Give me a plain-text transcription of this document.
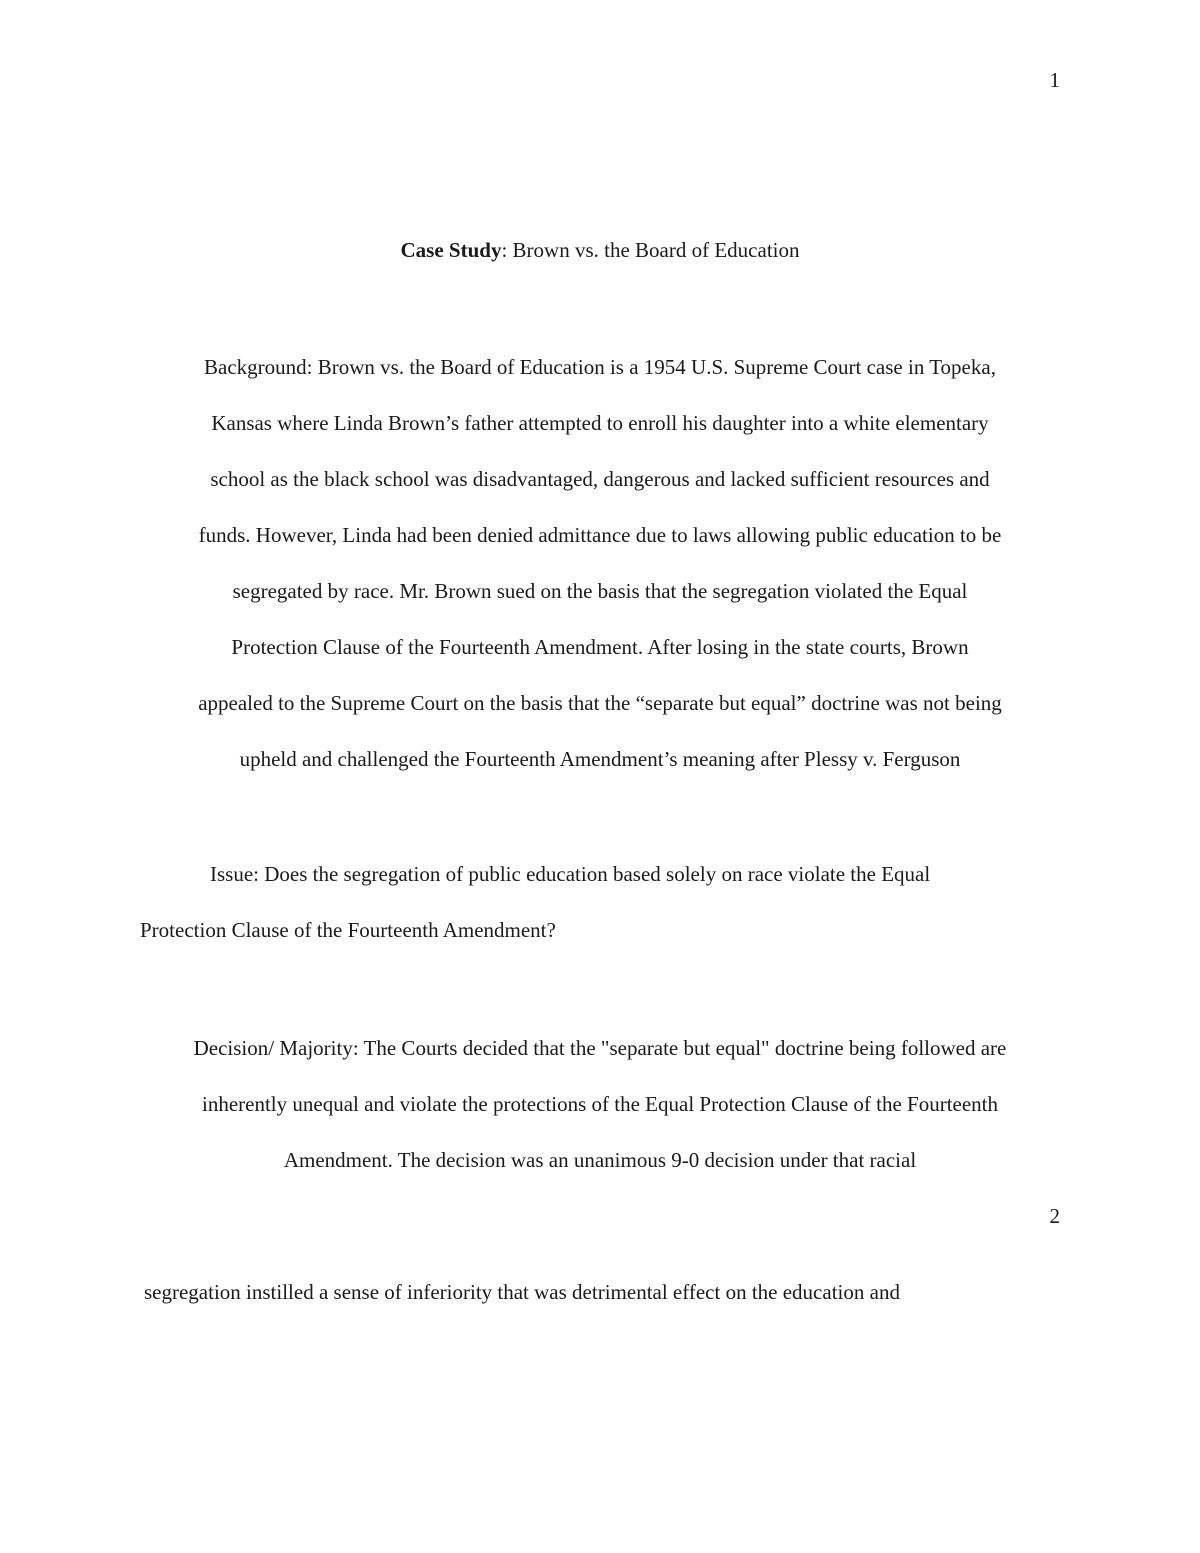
1
Case Study: Brown vs. the Board of Education

Background: Brown vs. the Board of Education is a 1954 U.S. Supreme Court case in Topeka,

Kansas where Linda Brown’s father attempted to enroll his daughter into a white elementary

school as the black school was disadvantaged, dangerous and lacked sufficient resources and

funds. However, Linda had been denied admittance due to laws allowing public education to be

segregated by race. Mr. Brown sued on the basis that the segregation violated the Equal

Protection Clause of the Fourteenth Amendment. After losing in the state courts, Brown

appealed to the Supreme Court on the basis that the “separate but equal” doctrine was not being

upheld and challenged the Fourteenth Amendment’s meaning after Plessy v. Ferguson

Issue: Does the segregation of public education based solely on race violate the Equal

Protection Clause of the Fourteenth Amendment?

Decision/ Majority: The Courts decided that the "separate but equal" doctrine being followed are

inherently unequal and violate the protections of the Equal Protection Clause of the Fourteenth

Amendment. The decision was an unanimous 9-0 decision under that racial

2
segregation instilled a sense of inferiority that was detrimental effect on the education and
